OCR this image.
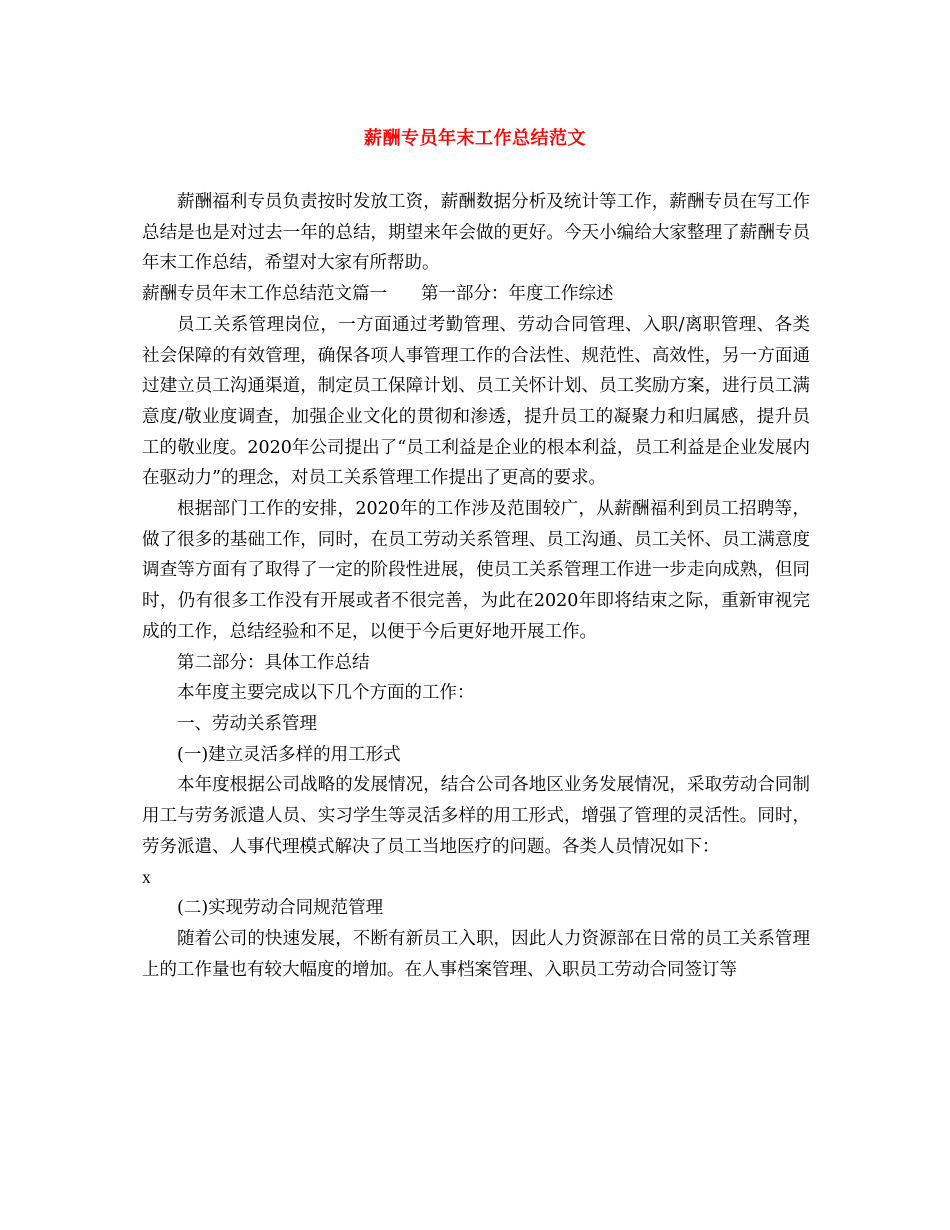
薪酬专员年末工作总结范文

薪酬福利专员负责按时发放工资，薪酬数据分析及统计等工作，薪酬专员在写工作总结是也是对过去一年的总结，期望来年会做的更好。今天小编给大家整理了薪酬专员年末工作总结，希望对大家有所帮助。

薪酬专员年末工作总结范文篇一 第一部分：年度工作综述

员工关系管理岗位，一方面通过考勤管理、劳动合同管理、入职/离职管理、各类社会保障的有效管理，确保各项人事管理工作的合法性、规范性、高效性，另一方面通过建立员工沟通渠道，制定员工保障计划、员工关怀计划、员工奖励方案，进行员工满意度/敬业度调查，加强企业文化的贯彻和渗透，提升员工的凝聚力和归属感，提升员工的敬业度。2020年公司提出了“员工利益是企业的根本利益，员工利益是企业发展内在驱动力”的理念，对员工关系管理工作提出了更高的要求。

根据部门工作的安排，2020年的工作涉及范围较广，从薪酬福利到员工招聘等，做了很多的基础工作，同时，在员工劳动关系管理、员工沟通、员工关怀、员工满意度调查等方面有了取得了一定的阶段性进展，使员工关系管理工作进一步走向成熟，但同时，仍有很多工作没有开展或者不很完善，为此在2020年即将结束之际，重新审视完成的工作，总结经验和不足，以便于今后更好地开展工作。

第二部分：具体工作总结

本年度主要完成以下几个方面的工作：

一、劳动关系管理

(一)建立灵活多样的用工形式

本年度根据公司战略的发展情况，结合公司各地区业务发展情况，采取劳动合同制用工与劳务派遣人员、实习学生等灵活多样的用工形式，增强了管理的灵活性。同时，劳务派遣、人事代理模式解决了员工当地医疗的问题。各类人员情况如下：

x

(二)实现劳动合同规范管理

随着公司的快速发展，不断有新员工入职，因此人力资源部在日常的员工关系管理上的工作量也有较大幅度的增加。在人事档案管理、入职员工劳动合同签订等
